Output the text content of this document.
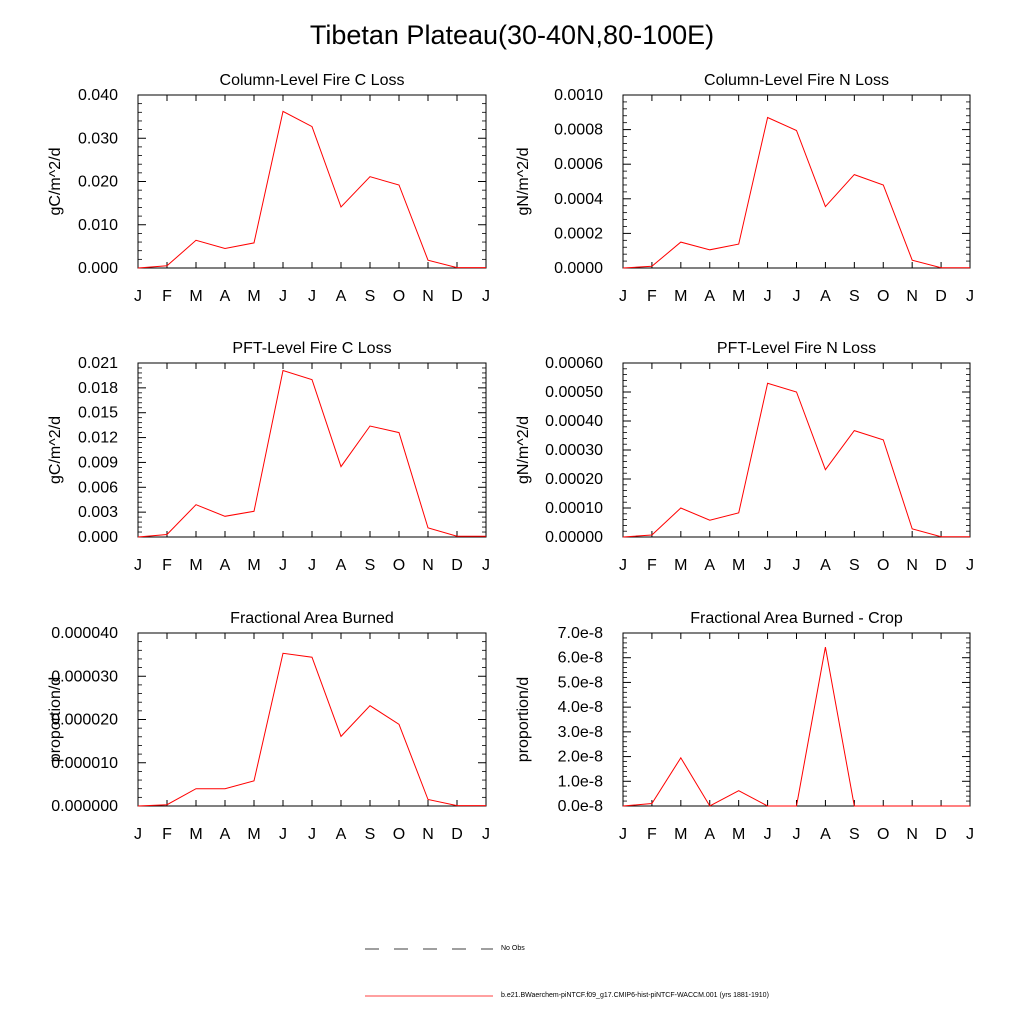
Tibetan Plateau(30-40N,80-100E)
Column-Level Fire C Loss
J F M A M J J A S O N D J
0.000
0.010
0.020
0.030
0.040
gC/m^2/d
Column-Level Fire N Loss
J F M A M J J A S O N D J
0.0000
0.0002
0.0004
0.0006
0.0008
0.0010
gN/m^2/d
PFT-Level Fire C Loss
J F M A M J J A S O N D J
0.000
0.003
0.006
0.009
0.012
0.015
0.018
0.021
gC/m^2/d
PFT-Level Fire N Loss
J F M A M J J A S O N D J
0.00000
0.00010
0.00020
0.00030
0.00040
0.00050
0.00060
gN/m^2/d
Fractional Area Burned
J F M A M J J A S O N D J
0.000000
0.000010
0.000020
0.000030
0.000040
proportion/d
Fractional Area Burned - Crop
J F M A M J J A S O N D J
0.0e-8
1.0e-8
2.0e-8
3.0e-8
4.0e-8
5.0e-8
6.0e-8
7.0e-8
proportion/d
No Obs
b.e21.BWaerchem-piNTCF.f09_g17.CMIP6-hist-piNTCF-WACCM.001 (yrs 1881-1910)
